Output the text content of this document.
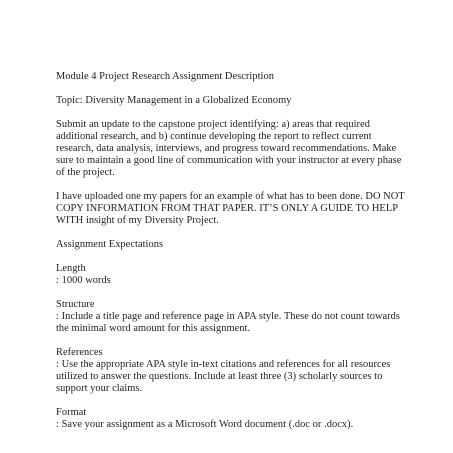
Module 4 Project Research Assignment Description

Topic: Diversity Management in a Globalized Economy

Submit an update to the capstone project identifying: a) areas that required additional research, and b) continue developing the report to reflect current research, data analysis, interviews, and progress toward recommendations. Make sure to maintain a good line of communication with your instructor at every phase of the project.

I have uploaded one my papers for an example of what has to been done. DO NOT COPY INFORMATION FROM THAT PAPER. IT’S ONLY A GUIDE TO HELP WITH insight of my Diversity Project.

Assignment Expectations

Length

: 1000 words

Structure

: Include a title page and reference page in APA style. These do not count towards the minimal word amount for this assignment.

References

: Use the appropriate APA style in-text citations and references for all resources utilized to answer the questions. Include at least three (3) scholarly sources to support your claims.

Format

: Save your assignment as a Microsoft Word document (.doc or .docx).
